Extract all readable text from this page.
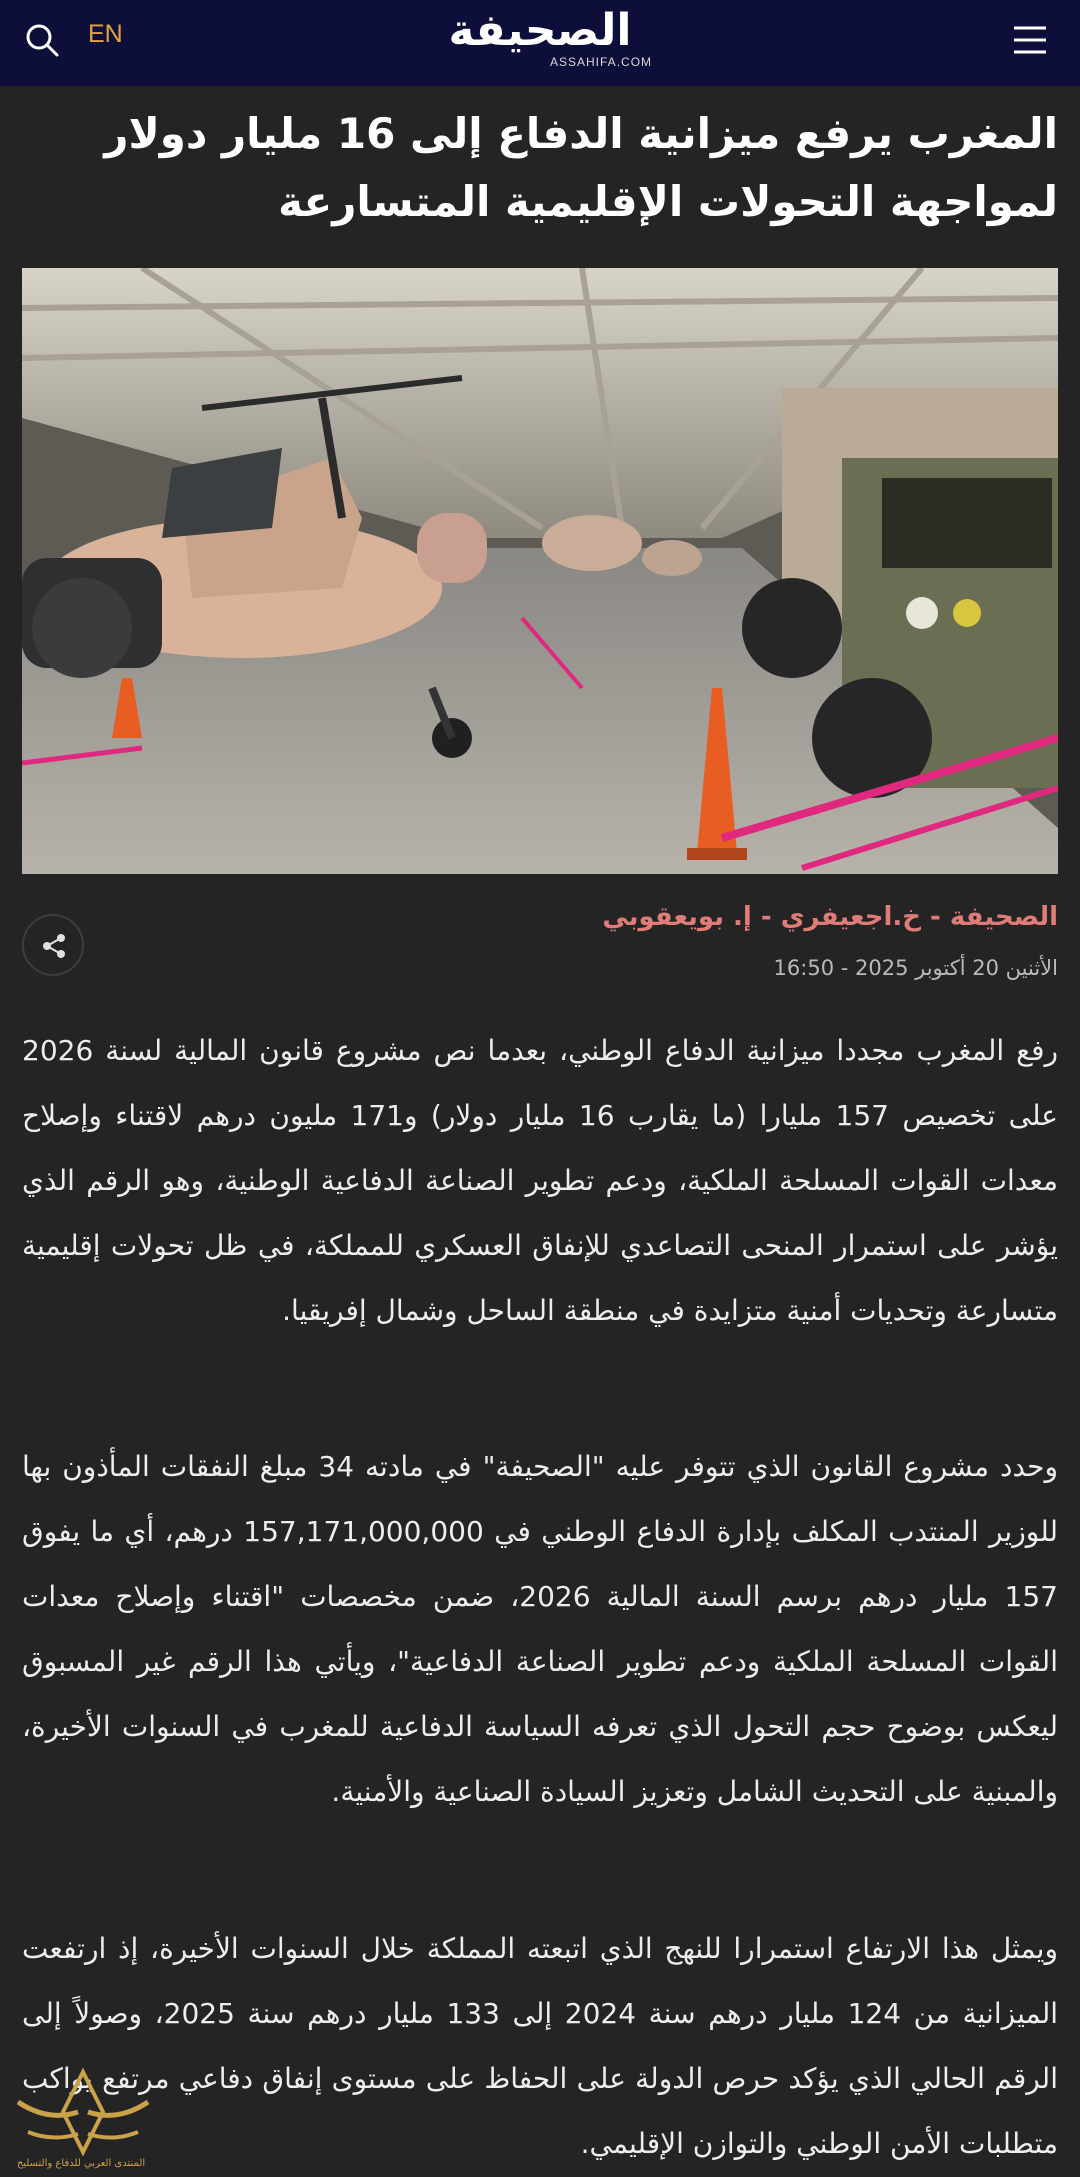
EN	الصحيفة
ASSAHIFA.COM
المغرب يرفع ميزانية الدفاع إلى 16 مليار دولار لمواجهة التحولات الإقليمية المتسارعة
الصحيفة - خ.اجعيفري - إ. بويعقوبي
الأثنين 20 أكتوبر 2025 - 16:50

رفع المغرب مجددا ميزانية الدفاع الوطني، بعدما نص مشروع قانون المالية لسنة 2026 على تخصيص 157 مليارا (ما يقارب 16 مليار دولار) و171 مليون درهم لاقتناء وإصلاح معدات القوات المسلحة الملكية، ودعم تطوير الصناعة الدفاعية الوطنية، وهو الرقم الذي يؤشر على استمرار المنحى التصاعدي للإنفاق العسكري للمملكة، في ظل تحولات إقليمية متسارعة وتحديات أمنية متزايدة في منطقة الساحل وشمال إفريقيا.

وحدد مشروع القانون الذي تتوفر عليه "الصحيفة" في مادته 34 مبلغ النفقات المأذون بها للوزير المنتدب المكلف بإدارة الدفاع الوطني في 157,171,000,000 درهم، أي ما يفوق 157 مليار درهم برسم السنة المالية 2026، ضمن مخصصات "اقتناء وإصلاح معدات القوات المسلحة الملكية ودعم تطوير الصناعة الدفاعية"، ويأتي هذا الرقم غير المسبوق ليعكس بوضوح حجم التحول الذي تعرفه السياسة الدفاعية للمغرب في السنوات الأخيرة، والمبنية على التحديث الشامل وتعزيز السيادة الصناعية والأمنية.

ويمثل هذا الارتفاع استمرارا للنهج الذي اتبعته المملكة خلال السنوات الأخيرة، إذ ارتفعت الميزانية من 124 مليار درهم سنة 2024 إلى 133 مليار درهم سنة 2025، وصولاً إلى الرقم الحالي الذي يؤكد حرص الدولة على الحفاظ على مستوى إنفاق دفاعي مرتفع يواكب متطلبات الأمن الوطني والتوازن الإقليمي.

المنتدى العربي للدفاع والتسليح
